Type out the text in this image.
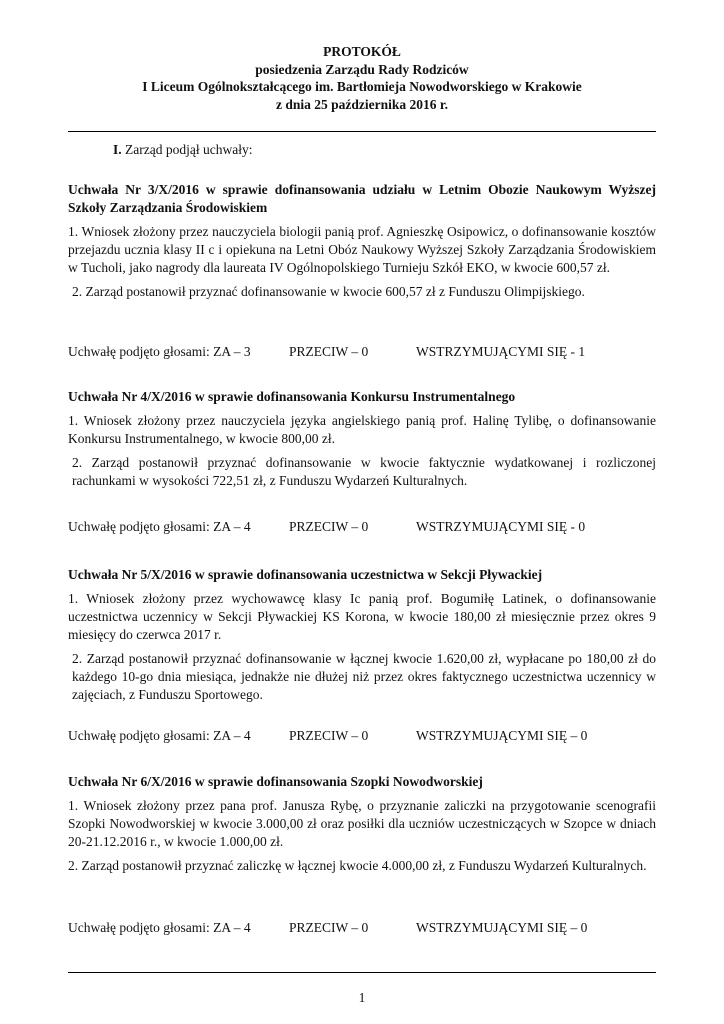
PROTOKÓŁ
posiedzenia Zarządu Rady Rodziców
I Liceum Ogólnokształcącego im. Bartłomieja Nowodworskiego w Krakowie
z dnia 25 października 2016 r.
I. Zarząd podjął uchwały:
Uchwała Nr 3/X/2016 w sprawie dofinansowania udziału w Letnim Obozie Naukowym Wyższej Szkoły Zarządzania Środowiskiem
1. Wniosek złożony przez nauczyciela biologii panią prof. Agnieszkę Osipowicz, o dofinansowanie kosztów przejazdu ucznia klasy II c i opiekuna na Letni Obóz Naukowy Wyższej Szkoły Zarządzania Środowiskiem w Tucholi, jako nagrody dla laureata IV Ogólnopolskiego Turnieju Szkół EKO, w kwocie 600,57 zł.
2. Zarząd postanowił przyznać dofinansowanie w kwocie 600,57 zł z Funduszu Olimpijskiego.
Uchwałę podjęto głosami: ZA – 3	PRZECIW – 0	WSTRZYMUJĄCYMI SIĘ - 1
Uchwała Nr 4/X/2016 w sprawie dofinansowania Konkursu Instrumentalnego
1. Wniosek złożony przez nauczyciela języka angielskiego panią prof. Halinę Tylibę, o dofinansowanie Konkursu Instrumentalnego, w kwocie 800,00 zł.
2. Zarząd postanowił przyznać dofinansowanie w kwocie faktycznie wydatkowanej i rozliczonej rachunkami w wysokości 722,51 zł, z Funduszu Wydarzeń Kulturalnych.
Uchwałę podjęto głosami: ZA – 4	PRZECIW – 0	WSTRZYMUJĄCYMI SIĘ - 0
Uchwała Nr 5/X/2016 w sprawie dofinansowania uczestnictwa w Sekcji Pływackiej
1. Wniosek złożony przez wychowawcę klasy Ic panią prof. Bogumiłę Latinek, o dofinansowanie uczestnictwa uczennicy w Sekcji Pływackiej KS Korona, w kwocie 180,00 zł miesięcznie przez okres 9 miesięcy do czerwca 2017 r.
2. Zarząd postanowił przyznać dofinansowanie w łącznej kwocie 1.620,00 zł, wypłacane po 180,00 zł do każdego 10-go dnia miesiąca, jednakże nie dłużej niż przez okres faktycznego uczestnictwa uczennicy w zajęciach, z Funduszu Sportowego.
Uchwałę podjęto głosami: ZA – 4	PRZECIW – 0	WSTRZYMUJĄCYMI SIĘ – 0
Uchwała Nr 6/X/2016 w sprawie dofinansowania Szopki Nowodworskiej
1. Wniosek złożony przez pana prof. Janusza Rybę, o przyznanie zaliczki na przygotowanie scenografii Szopki Nowodworskiej w kwocie 3.000,00 zł oraz posiłki dla uczniów uczestniczących w Szopce w dniach 20-21.12.2016 r., w kwocie 1.000,00 zł.
2. Zarząd postanowił przyznać zaliczkę w łącznej kwocie 4.000,00 zł, z Funduszu Wydarzeń Kulturalnych.
Uchwałę podjęto głosami: ZA – 4	PRZECIW – 0	WSTRZYMUJĄCYMI SIĘ – 0
1
